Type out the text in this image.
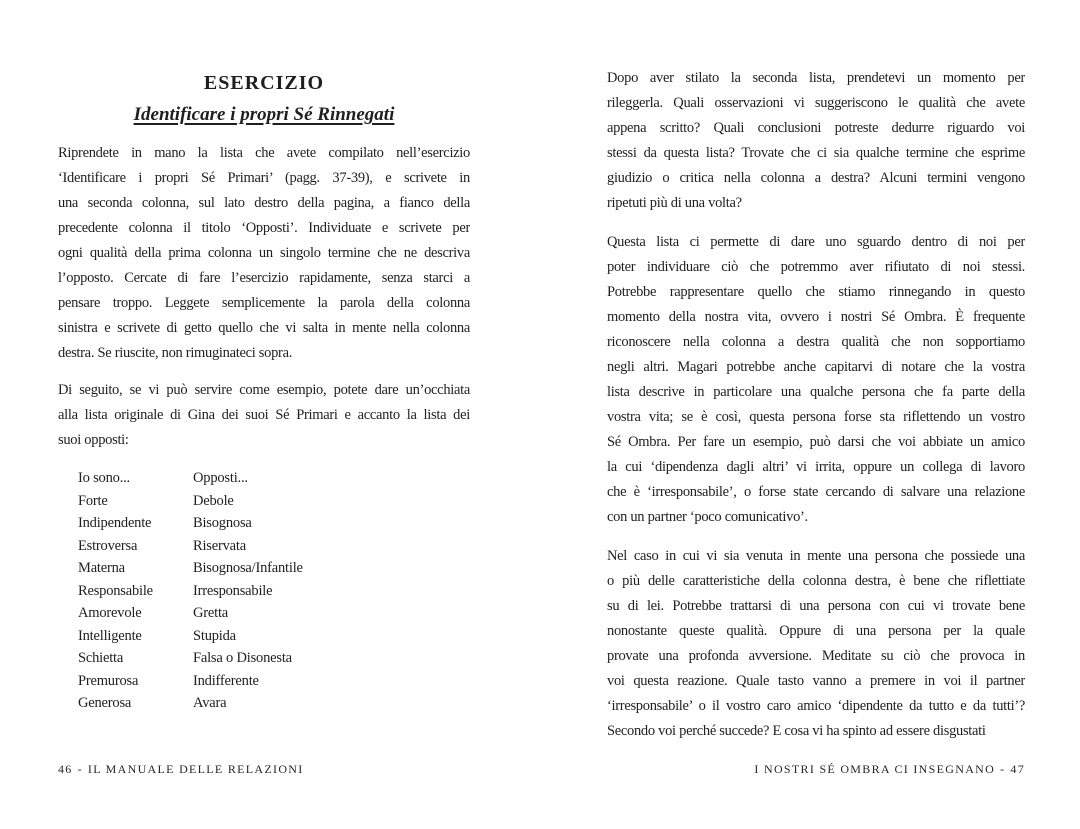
ESERCIZIO
Identificare i propri Sé Rinnegati
Riprendete in mano la lista che avete compilato nell’esercizio
‘Identificare i propri Sé Primari’ (pagg. 37-39), e scrivete in
una seconda colonna, sul lato destro della pagina, a fianco della
precedente colonna il titolo ‘Opposti’. Individuate e scrivete per
ogni qualità della prima colonna un singolo termine che ne descriva
l’opposto. Cercate di fare l’esercizio rapidamente, senza starci a
pensare troppo. Leggete semplicemente la parola della colonna
sinistra e scrivete di getto quello che vi salta in mente nella colonna
destra. Se riuscite, non rimuginateci sopra.
Di seguito, se vi può servire come esempio, potete dare un’occhiata
alla lista originale di Gina dei suoi Sé Primari e accanto la lista dei
suoi opposti:
Io sono...	Opposti...
Forte	Debole
Indipendente	Bisognosa
Estroversa	Riservata
Materna	Bisognosa/Infantile
Responsabile	Irresponsabile
Amorevole	Gretta
Intelligente	Stupida
Schietta	Falsa o Disonesta
Premurosa	Indifferente
Generosa	Avara
Dopo aver stilato la seconda lista, prendetevi un momento per
rileggerla. Quali osservazioni vi suggeriscono le qualità che avete
appena scritto? Quali conclusioni potreste dedurre riguardo voi
stessi da questa lista? Trovate che ci sia qualche termine che esprime
giudizio o critica nella colonna a destra? Alcuni termini vengono
ripetuti più di una volta?
Questa lista ci permette di dare uno sguardo dentro di noi per
poter individuare ciò che potremmo aver rifiutato di noi stessi.
Potrebbe rappresentare quello che stiamo rinnegando in questo
momento della nostra vita, ovvero i nostri Sé Ombra. È frequente
riconoscere nella colonna a destra qualità che non sopportiamo
negli altri. Magari potrebbe anche capitarvi di notare che la vostra
lista descrive in particolare una qualche persona che fa parte della
vostra vita; se è così, questa persona forse sta riflettendo un vostro
Sé Ombra. Per fare un esempio, può darsi che voi abbiate un amico
la cui ‘dipendenza dagli altri’ vi irrita, oppure un collega di lavoro
che è ‘irresponsabile’, o forse state cercando di salvare una relazione
con un partner ‘poco comunicativo’.
Nel caso in cui vi sia venuta in mente una persona che possiede una
o più delle caratteristiche della colonna destra, è bene che riflettiate
su di lei. Potrebbe trattarsi di una persona con cui vi trovate bene
nonostante queste qualità. Oppure di una persona per la quale
provate una profonda avversione. Meditate su ciò che provoca in
voi questa reazione. Quale tasto vanno a premere in voi il partner
‘irresponsabile’ o il vostro caro amico ‘dipendente da tutto e da tutti’?
Secondo voi perché succede? E cosa vi ha spinto ad essere disgustati
46 - IL MANUALE DELLE RELAZIONI	I NOSTRI SÉ OMBRA CI INSEGNANO - 47
